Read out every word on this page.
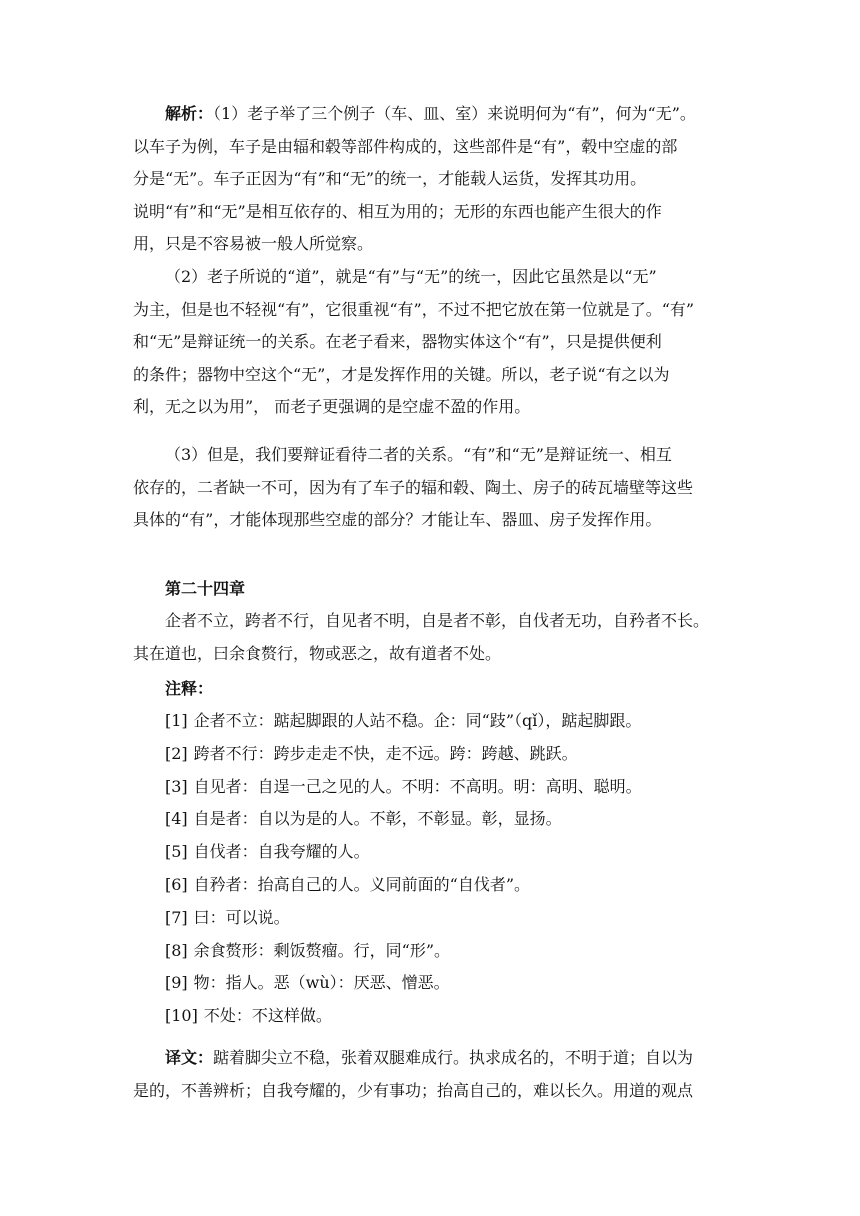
解析：（1）老子举了三个例子（车、皿、室）来说明何为“有”，何为“无”。
以车子为例，车子是由辐和毂等部件构成的，这些部件是“有”，毂中空虚的部
分是“无”。车子正因为“有”和“无”的统一，才能载人运货，发挥其功用。
说明“有”和“无”是相互依存的、相互为用的；无形的东西也能产生很大的作
用，只是不容易被一般人所觉察。
（2）老子所说的“道”，就是“有”与“无”的统一，因此它虽然是以“无”
为主，但是也不轻视“有”，它很重视“有”，不过不把它放在第一位就是了。“有”
和“无”是辩证统一的关系。在老子看来，器物实体这个“有”，只是提供便利
的条件；器物中空这个“无”，才是发挥作用的关键。所以，老子说“有之以为
利，无之以为用”， 而老子更强调的是空虚不盈的作用。
（3）但是，我们要辩证看待二者的关系。“有”和“无”是辩证统一、相互
依存的，二者缺一不可，因为有了车子的辐和毂、陶土、房子的砖瓦墙壁等这些
具体的“有”，才能体现那些空虚的部分？才能让车、器皿、房子发挥作用。
第二十四章
企者不立，跨者不行，自见者不明，自是者不彰，自伐者无功，自矜者不长。
其在道也，曰余食赘行，物或恶之，故有道者不处。
注释：
[1] 企者不立：踮起脚跟的人站不稳。企：同“跂”（qǐ），踮起脚跟。
[2] 跨者不行：跨步走走不快，走不远。跨：跨越、跳跃。
[3] 自见者：自逞一己之见的人。不明：不高明。明：高明、聪明。
[4] 自是者：自以为是的人。不彰，不彰显。彰，显扬。
[5] 自伐者：自我夸耀的人。
[6] 自矜者：抬高自己的人。义同前面的“自伐者”。
[7] 曰：可以说。
[8] 余食赘形：剩饭赘瘤。行，同“形”。
[9] 物：指人。恶（wù）：厌恶、憎恶。
[10] 不处：不这样做。
译文：踮着脚尖立不稳，张着双腿难成行。执求成名的，不明于道；自以为
是的，不善辨析；自我夸耀的，少有事功；抬高自己的，难以长久。用道的观点
